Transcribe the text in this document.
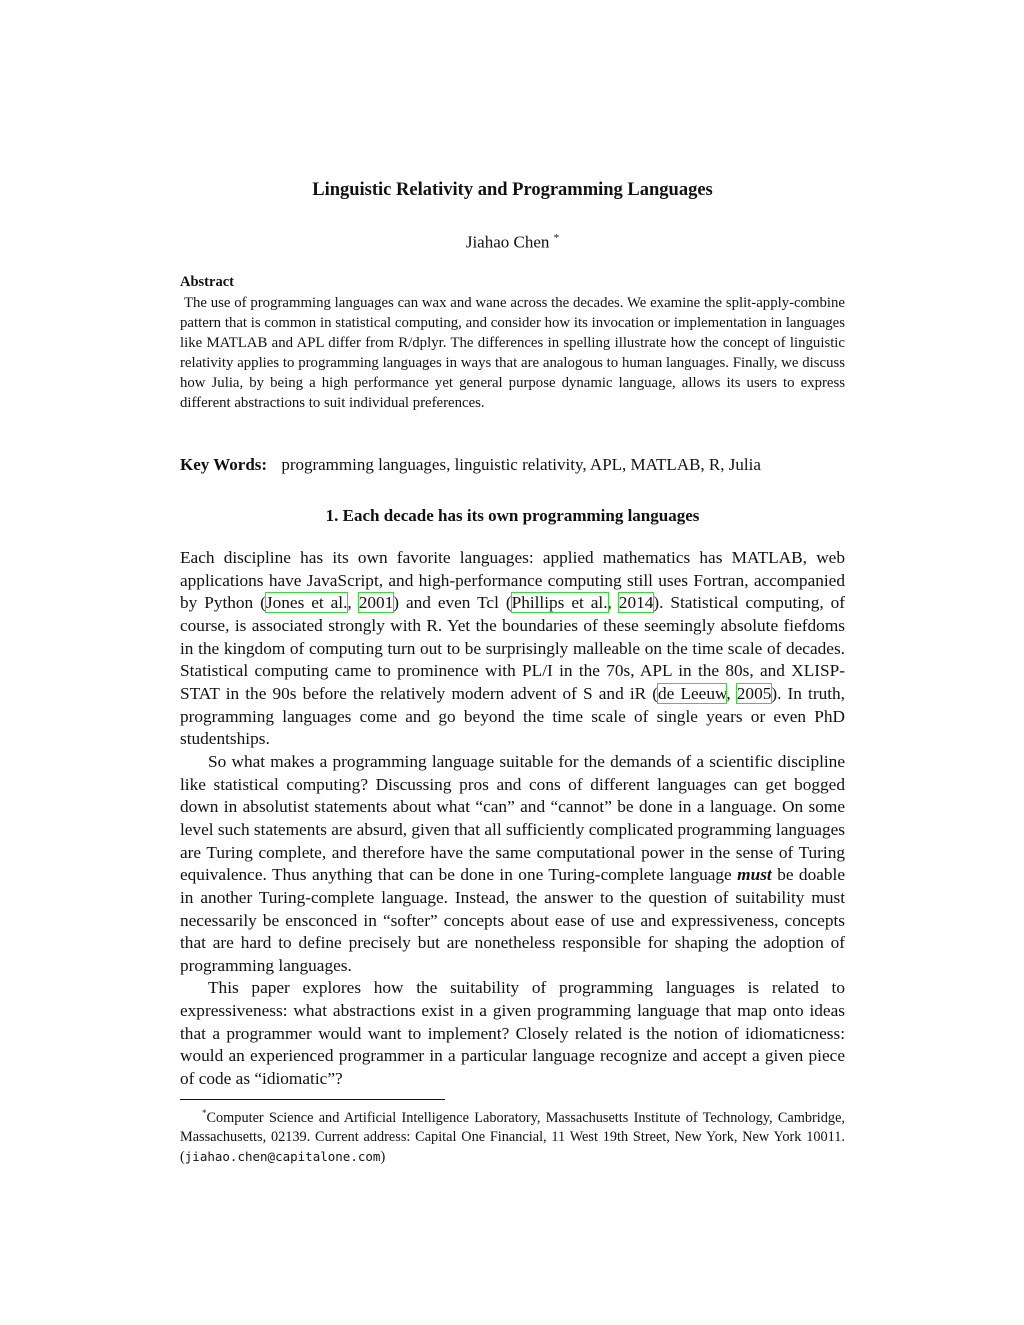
Linguistic Relativity and Programming Languages
Jiahao Chen *
Abstract
The use of programming languages can wax and wane across the decades. We examine the split-apply-combine pattern that is common in statistical computing, and consider how its invocation or implementation in languages like MATLAB and APL differ from R/dplyr. The differences in spelling illustrate how the concept of linguistic relativity applies to programming languages in ways that are analogous to human languages. Finally, we discuss how Julia, by being a high performance yet general purpose dynamic language, allows its users to express different abstractions to suit individual preferences.
Key Words: programming languages, linguistic relativity, APL, MATLAB, R, Julia
1. Each decade has its own programming languages

Each discipline has its own favorite languages: applied mathematics has MATLAB, web applications have JavaScript, and high-performance computing still uses Fortran, accompanied by Python (Jones et al., 2001) and even Tcl (Phillips et al., 2014). Statistical computing, of course, is associated strongly with R. Yet the boundaries of these seemingly absolute fiefdoms in the kingdom of computing turn out to be surprisingly malleable on the time scale of decades. Statistical computing came to prominence with PL/I in the 70s, APL in the 80s, and XLISP-STAT in the 90s before the relatively modern advent of S and iR (de Leeuw, 2005). In truth, programming languages come and go beyond the time scale of single years or even PhD studentships.

So what makes a programming language suitable for the demands of a scientific discipline like statistical computing? Discussing pros and cons of different languages can get bogged down in absolutist statements about what “can” and “cannot” be done in a language. On some level such statements are absurd, given that all sufficiently complicated programming languages are Turing complete, and therefore have the same computational power in the sense of Turing equivalence. Thus anything that can be done in one Turing-complete language must be doable in another Turing-complete language. Instead, the answer to the question of suitability must necessarily be ensconced in “softer” concepts about ease of use and expressiveness, concepts that are hard to define precisely but are nonetheless responsible for shaping the adoption of programming languages.

This paper explores how the suitability of programming languages is related to expressiveness: what abstractions exist in a given programming language that map onto ideas that a programmer would want to implement? Closely related is the notion of idiomaticness: would an experienced programmer in a particular language recognize and accept a given piece of code as “idiomatic”?

*Computer Science and Artificial Intelligence Laboratory, Massachusetts Institute of Technology, Cambridge, Massachusetts, 02139. Current address: Capital One Financial, 11 West 19th Street, New York, New York 10011. (jiahao.chen@capitalone.com)
